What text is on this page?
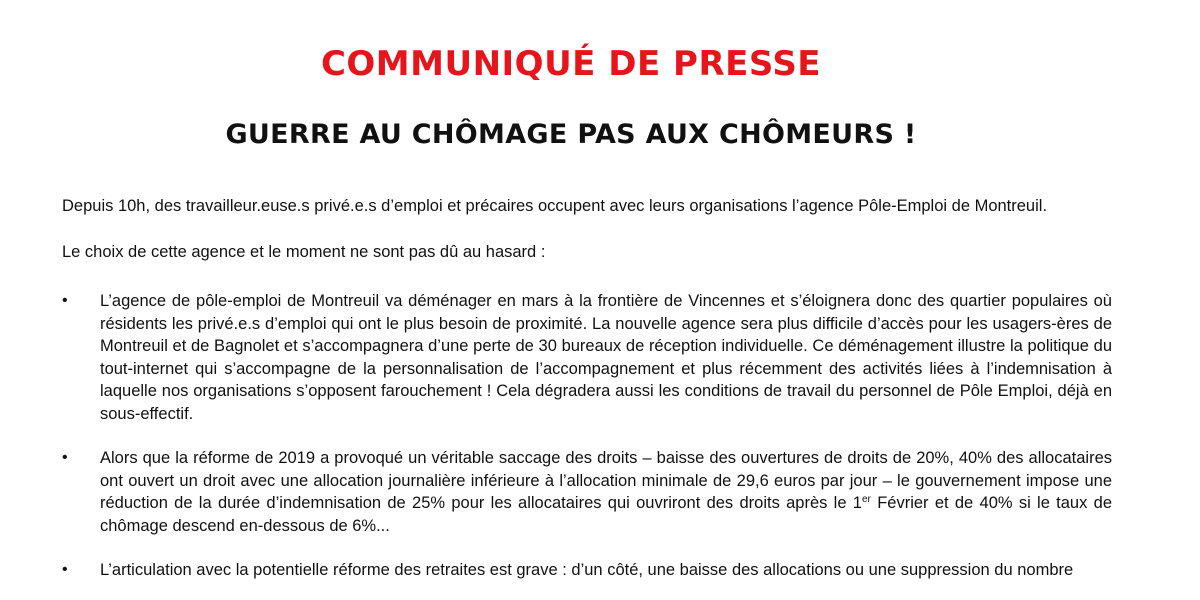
COMMUNIQUÉ DE PRESSE
GUERRE AU CHÔMAGE PAS AUX CHÔMEURS !
Depuis 10h, des travailleur.euse.s privé.e.s d’emploi et précaires occupent avec leurs organisations l’agence Pôle-Emploi de Montreuil.
Le choix de cette agence et le moment ne sont pas dû au hasard :
•	L’agence de pôle-emploi de Montreuil va déménager en mars à la frontière de Vincennes et s’éloignera donc des quartier populaires où résidents les privé.e.s d’emploi qui ont le plus besoin de proximité. La nouvelle agence sera plus difficile d’accès pour les usagers-ères de Montreuil et de Bagnolet et s’accompagnera d’une perte de 30 bureaux de réception individuelle. Ce déménagement illustre la politique du tout-internet qui s’accompagne de la personnalisation de l’accompagnement et plus récemment des activités liées à l’indemnisation à laquelle nos organisations s’opposent farouchement ! Cela dégradera aussi les conditions de travail du personnel de Pôle Emploi, déjà en sous-effectif.
•	Alors que la réforme de 2019 a provoqué un véritable saccage des droits – baisse des ouvertures de droits de 20%, 40% des allocataires ont ouvert un droit avec une allocation journalière inférieure à l’allocation minimale de 29,6 euros par jour – le gouvernement impose une réduction de la durée d’indemnisation de 25% pour les allocataires qui ouvriront des droits après le 1er Février et de 40% si le taux de chômage descend en-dessous de 6%...
•	L’articulation avec la potentielle réforme des retraites est grave : d’un côté, une baisse des allocations ou une suppression du nombre
